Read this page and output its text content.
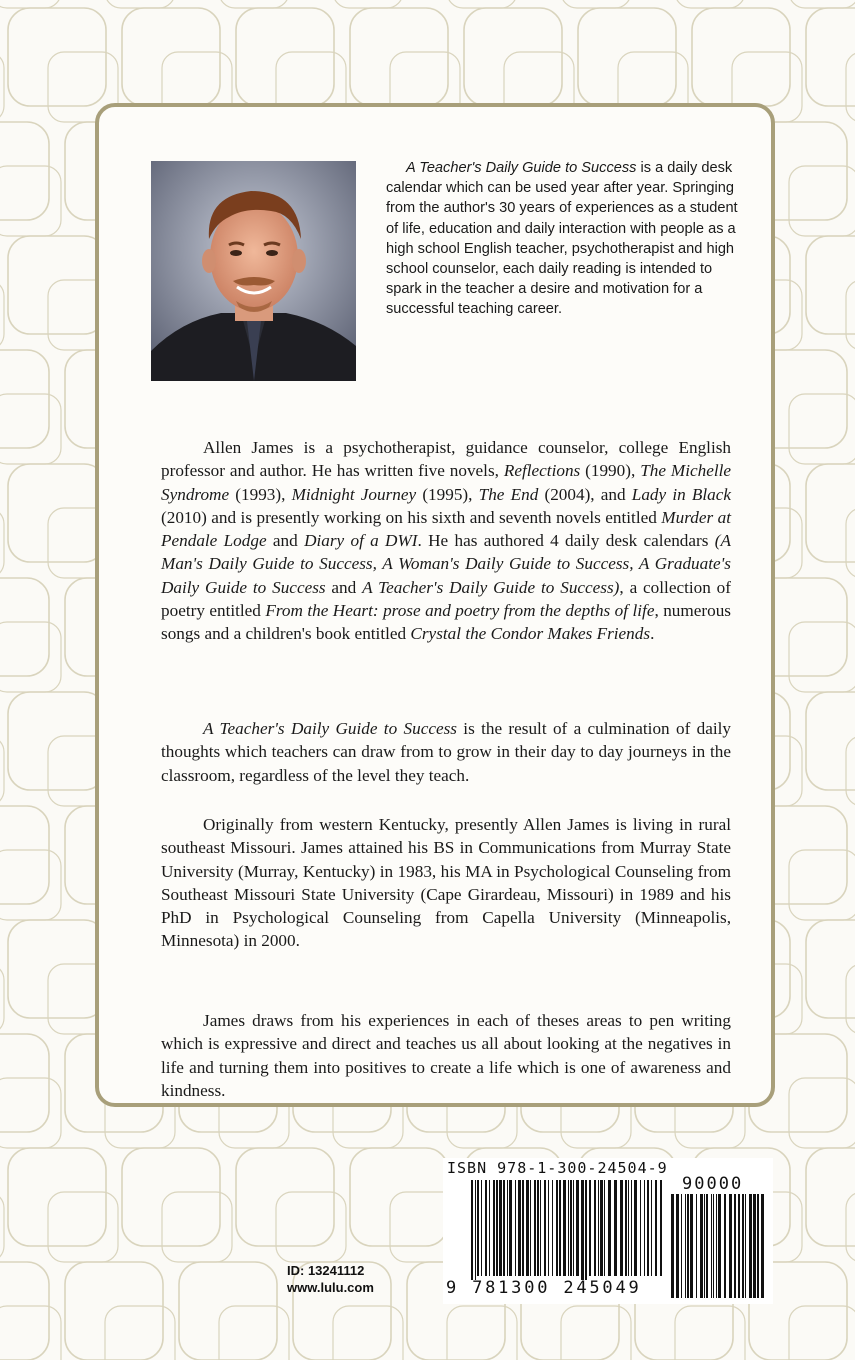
A Teacher's Daily Guide to Success is a daily desk calendar which can be used year after year. Springing from the author's 30 years of experiences as a student of life, education and daily interaction with people as a high school English teacher, psychotherapist and high school counselor, each daily reading is intended to spark in the teacher a desire and motivation for a successful teaching career.

Allen James is a psychotherapist, guidance counselor, college English professor and author. He has written five novels, Reflections (1990), The Michelle Syndrome (1993), Midnight Journey (1995), The End (2004), and Lady in Black (2010) and is presently working on his sixth and seventh novels entitled Murder at Pendale Lodge and Diary of a DWI. He has authored 4 daily desk calendars (A Man's Daily Guide to Success, A Woman's Daily Guide to Success, A Graduate's Daily Guide to Success and A Teacher's Daily Guide to Success), a collection of poetry entitled From the Heart: prose and poetry from the depths of life, numerous songs and a children's book entitled Crystal the Condor Makes Friends.

A Teacher's Daily Guide to Success is the result of a culmination of daily thoughts which teachers can draw from to grow in their day to day journeys in the classroom, regardless of the level they teach.

Originally from western Kentucky, presently Allen James is living in rural southeast Missouri. James attained his BS in Communications from Murray State University (Murray, Kentucky) in 1983, his MA in Psychological Counseling from Southeast Missouri State University (Cape Girardeau, Missouri) in 1989 and his PhD in Psychological Counseling from Capella University (Minneapolis, Minnesota) in 2000.

James draws from his experiences in each of theses areas to pen writing which is expressive and direct and teaches us all about looking at the negatives in life and turning them into positives to create a life which is one of awareness and kindness.

ID: 13241112
www.lulu.com
ISBN 978-1-300-24504-9
90000
9 781300 245049
